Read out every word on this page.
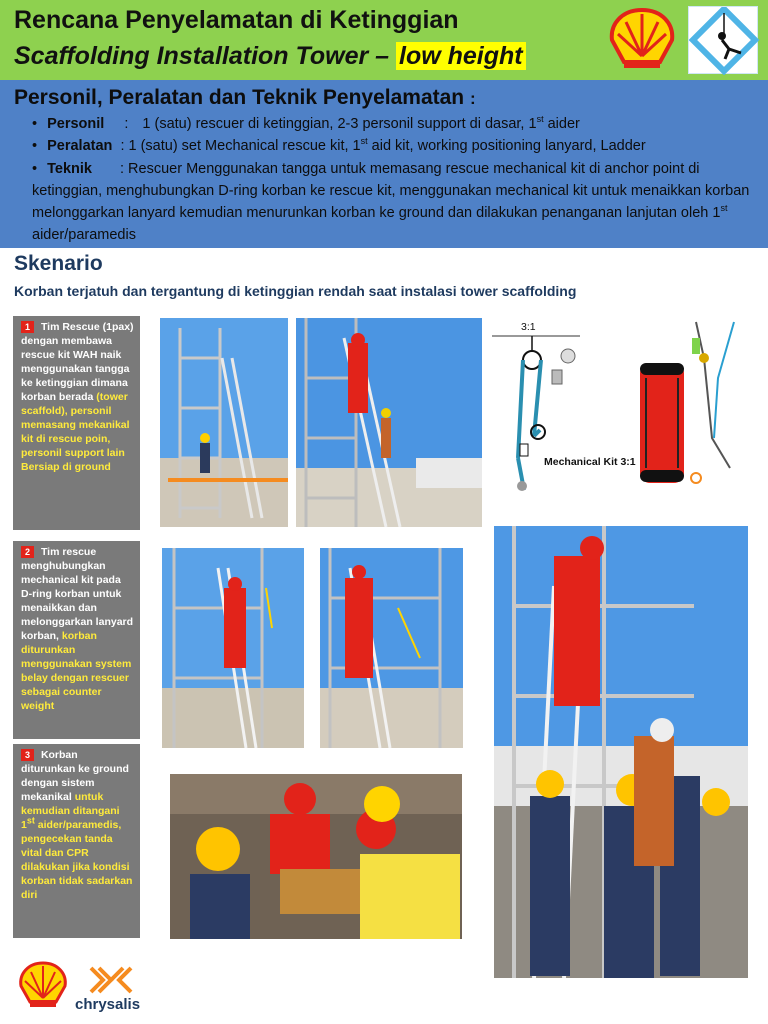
Rencana Penyelamatan di Ketinggian
Scaffolding Installation Tower – low height
Personil, Peralatan dan Teknik Penyelamatan :
• Personil : 1 (satu) rescuer di ketinggian, 2-3 personil support di dasar, 1st aider
• Peralatan : 1 (satu) set Mechanical rescue kit, 1st aid kit, working positioning lanyard, Ladder
• Teknik : Rescuer Menggunakan tangga untuk memasang rescue mechanical kit di anchor point di ketinggian, menghubungkan D-ring korban ke rescue kit, menggunakan mechanical kit untuk menaikkan korban melonggarkan lanyard kemudian menurunkan korban ke ground dan dilakukan penanganan lanjutan oleh 1st aider/paramedis
Skenario
Korban terjatuh dan tergantung di ketinggian rendah saat instalasi tower scaffolding
1 Tim Rescue (1pax) dengan membawa rescue kit WAH naik menggunakan tangga ke ketinggian dimana korban berada (tower scaffold), personil memasang mekanikal kit di rescue poin, personil support lain Bersiap di ground
2 Tim rescue menghubungkan mechanical kit pada D-ring korban untuk menaikkan dan melonggarkan lanyard korban, korban diturunkan menggunakan system belay dengan rescuer sebagai counter weight
3 Korban diturunkan ke ground dengan sistem mekanikal untuk kemudian ditangani 1st aider/paramedis, pengecekan tanda vital dan CPR dilakukan jika kondisi korban tidak sadarkan diri
3:1
Mechanical Kit 3:1
chrysalis
